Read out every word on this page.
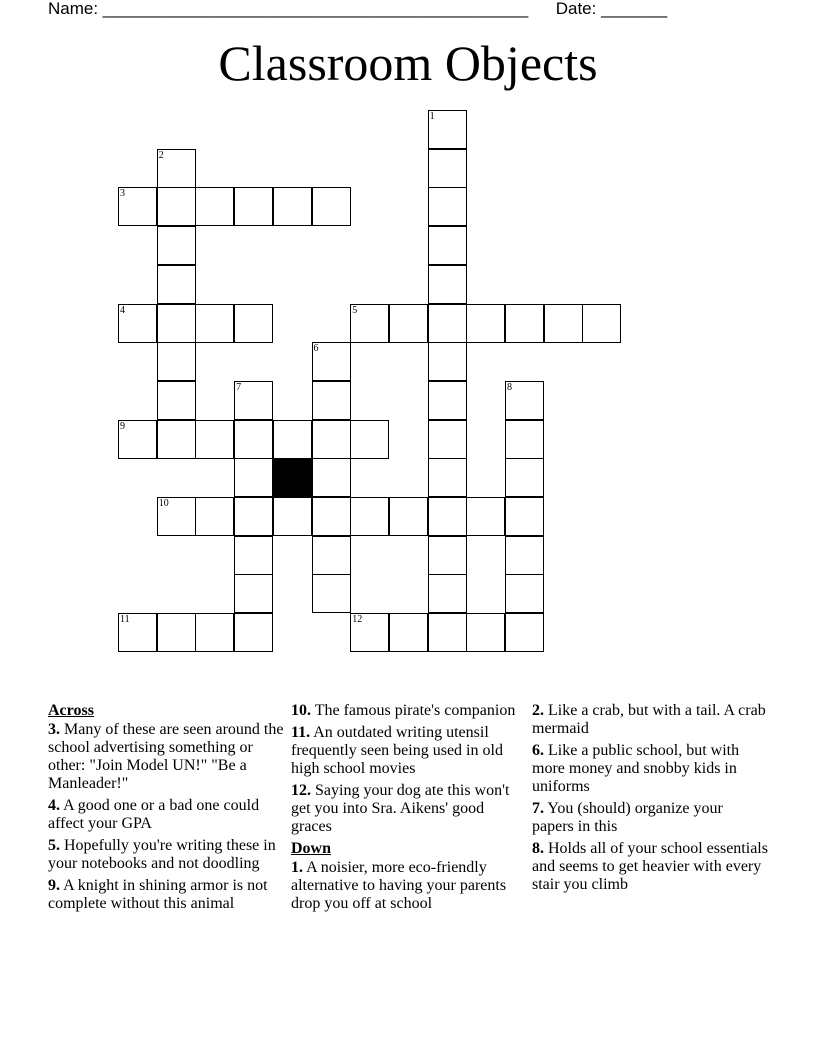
Name: _____________________________________________ Date: _______
Classroom Objects
1
2
3
4	5
6
7	8
9
10
11	12
Across
3. Many of these are seen around the school advertising something or other: "Join Model UN!" "Be a Manleader!"
4. A good one or a bad one could affect your GPA
5. Hopefully you're writing these in your notebooks and not doodling
9. A knight in shining armor is not complete without this animal
10. The famous pirate's companion
11. An outdated writing utensil frequently seen being used in old high school movies
12. Saying your dog ate this won't get you into Sra. Aikens' good graces
Down
1. A noisier, more eco-friendly alternative to having your parents drop you off at school
2. Like a crab, but with a tail. A crab mermaid
6. Like a public school, but with more money and snobby kids in uniforms
7. You (should) organize your papers in this
8. Holds all of your school essentials and seems to get heavier with every stair you climb
